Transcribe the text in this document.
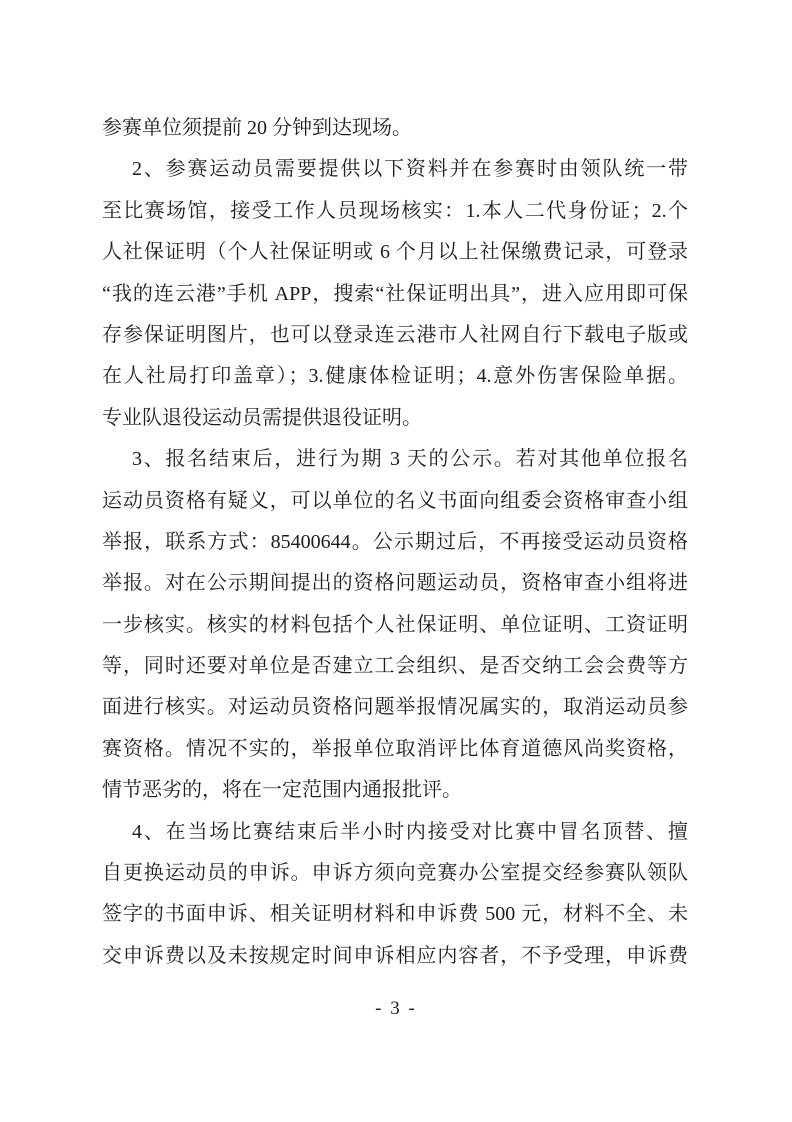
参赛单位须提前 20 分钟到达现场。
2、参赛运动员需要提供以下资料并在参赛时由领队统一带
至比赛场馆，接受工作人员现场核实：1.本人二代身份证；2.个
人社保证明（个人社保证明或 6 个月以上社保缴费记录，可登录
“我的连云港”手机 APP，搜索“社保证明出具”，进入应用即可保
存参保证明图片，也可以登录连云港市人社网自行下载电子版或
在人社局打印盖章）；3.健康体检证明；4.意外伤害保险单据。
专业队退役运动员需提供退役证明。
3、报名结束后，进行为期 3 天的公示。若对其他单位报名
运动员资格有疑义，可以单位的名义书面向组委会资格审查小组
举报，联系方式：85400644。公示期过后，不再接受运动员资格
举报。对在公示期间提出的资格问题运动员，资格审查小组将进
一步核实。核实的材料包括个人社保证明、单位证明、工资证明
等，同时还要对单位是否建立工会组织、是否交纳工会会费等方
面进行核实。对运动员资格问题举报情况属实的，取消运动员参
赛资格。情况不实的，举报单位取消评比体育道德风尚奖资格，
情节恶劣的，将在一定范围内通报批评。
4、在当场比赛结束后半小时内接受对比赛中冒名顶替、擅
自更换运动员的申诉。申诉方须向竞赛办公室提交经参赛队领队
签字的书面申诉、相关证明材料和申诉费 500 元，材料不全、未
交申诉费以及未按规定时间申诉相应内容者，不予受理，申诉费
- 3 -
